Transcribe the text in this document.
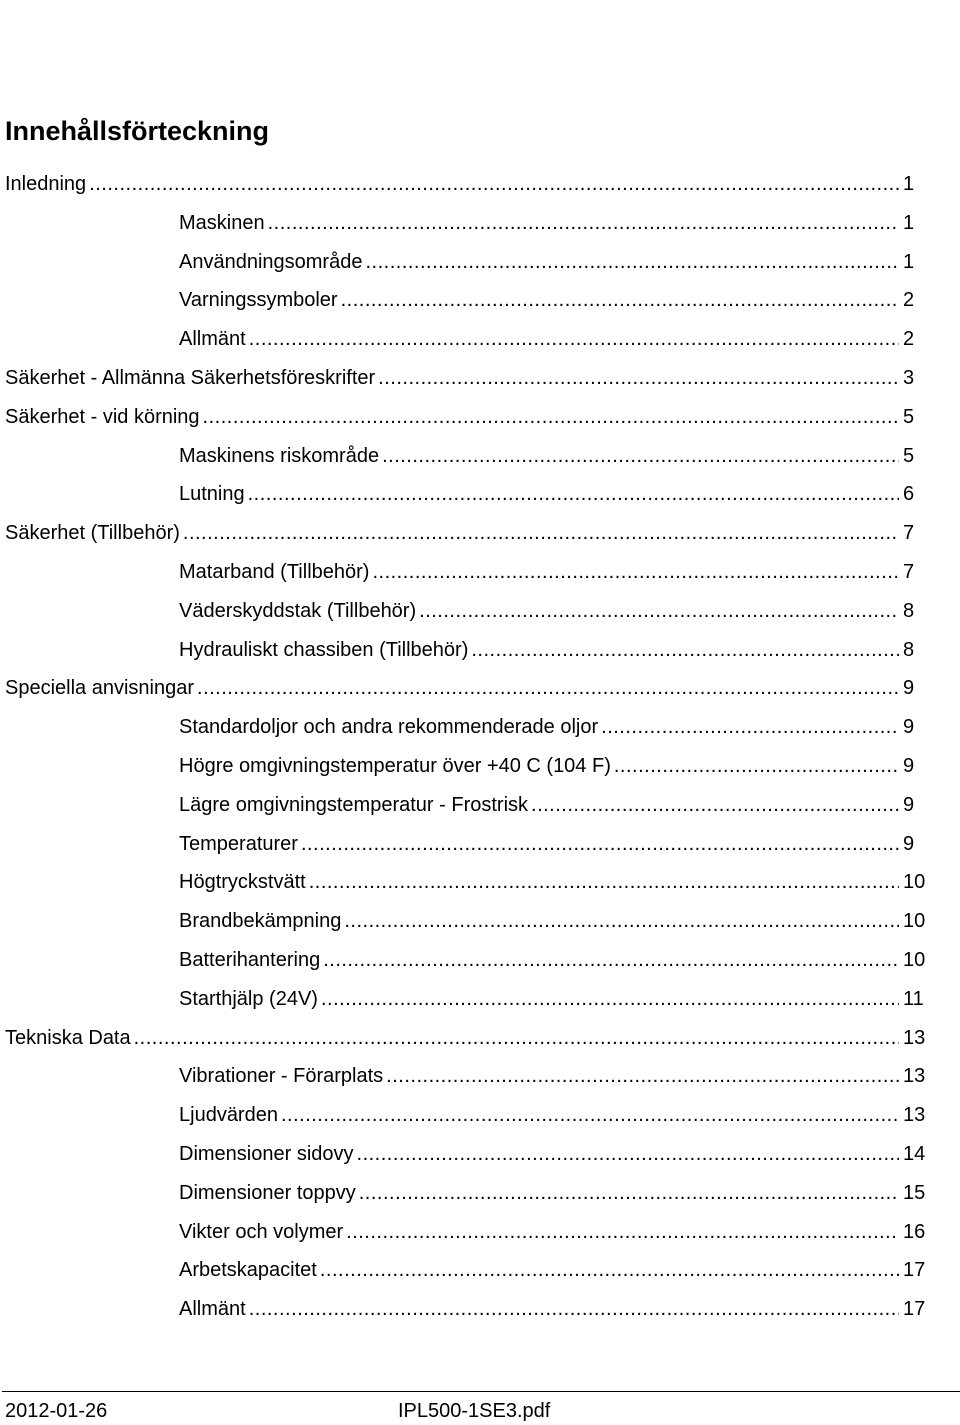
Innehållsförteckning
Inledning .....	1
Maskinen .....	1
Användningsområde .....	1
Varningssymboler .....	2
Allmänt .....	2
Säkerhet - Allmänna Säkerhetsföreskrifter .....	3
Säkerhet - vid körning .....	5
Maskinens riskområde .....	5
Lutning .....	6
Säkerhet (Tillbehör) .....	7
Matarband (Tillbehör) .....	7
Väderskyddstak (Tillbehör) .....	8
Hydrauliskt chassiben (Tillbehör) .....	8
Speciella anvisningar .....	9
Standardoljor och andra rekommenderade oljor .....	9
Högre omgivningstemperatur över +40 C (104 F) .....	9
Lägre omgivningstemperatur - Frostrisk .....	9
Temperaturer .....	9
Högtryckstvätt .....	10
Brandbekämpning .....	10
Batterihantering .....	10
Starthjälp (24V) .....	11
Tekniska Data .....	13
Vibrationer - Förarplats .....	13
Ljudvärden .....	13
Dimensioner sidovy .....	14
Dimensioner toppvy .....	15
Vikter och volymer .....	16
Arbetskapacitet .....	17
Allmänt .....	17
2012-01-26	IPL500-1SE3.pdf
